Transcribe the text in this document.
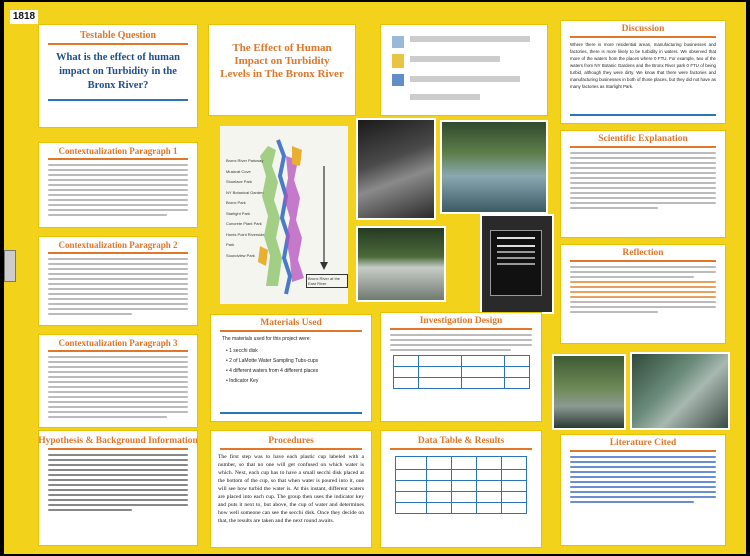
1818
Testable Question
What is the effect of human impact on Turbidity in the Bronx River?
Contextualization Paragraph 1
Contextualization Paragraph 2
Contextualization Paragraph 3
Hypothesis & Background Information
The Effect of Human Impact on Turbidity Levels in The Bronx River
Bronx River Parkway
Muskrat Cove
Shoelace Park
NY Botanical Garden
Bronx Park
Starlight Park
Concrete Plant Park
Hunts Point Riverside Park
Soundview Park
Bronx River at the East River
Materials Used
The materials used for this project were:
• 1 secchi disk
• 2 of LaMotte Water Sampling Tubs-cups
• 4 different waters from 4 different places
• Indicator Key
Investigation Design

Procedures
The first step was to have each plastic cup labeled with a number, so that no one will get confused on which water is which. Next, each cup has to have a small secchi disk placed at the bottom of the cup, so that when water is poured into it, one will see how turbid the water is. At this instant, different waters are placed into each cup. The group then uses the indicator key and puts it next to, but above, the cup of water and determines how well someone can see the secchi disk. Once they decide on that, the results are taken and the next round awaits.
Data Table & Results

Discussion
Where there is more residential areas, manufacturing businesses and factories, there is more likely to be turbidity in waters. We observed that more of the waters from the places where 0 FTU. For example, two of the waters from NY Botanic Gardens and the Bronx River park 0 FTU of being turbid, although they were dirty. We know that there were factories and manufacturing businesses in both of those places, but they did not have as many factories as Starlight Park.
Scientific Explanation
Reflection
Literature Cited
